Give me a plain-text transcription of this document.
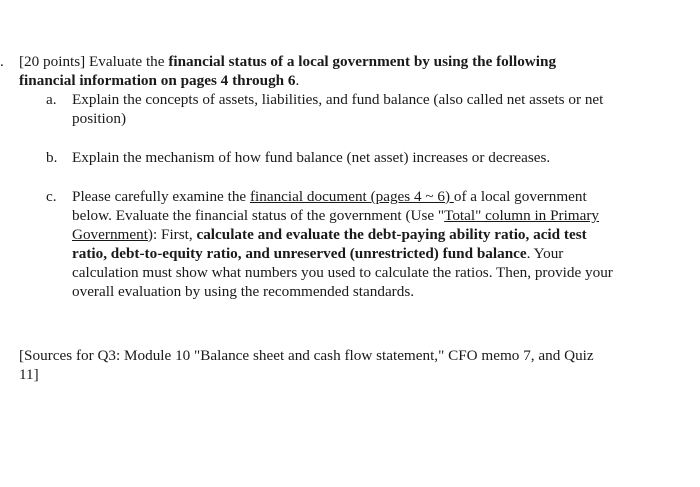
. [20 points] Evaluate the financial status of a local government by using the following
financial information on pages 4 through 6.
a.	Explain the concepts of assets, liabilities, and fund balance (also called net assets or net
position)
b. Explain the mechanism of how fund balance (net asset) increases or decreases.
c.	Please carefully examine the financial document (pages 4 ~ 6) of a local government
below. Evaluate the financial status of the government (Use "Total" column in Primary
Government): First, calculate and evaluate the debt-paying ability ratio, acid test
ratio, debt-to-equity ratio, and unreserved (unrestricted) fund balance. Your
calculation must show what numbers you used to calculate the ratios. Then, provide your
overall evaluation by using the recommended standards.
[Sources for Q3: Module 10 "Balance sheet and cash flow statement," CFO memo 7, and Quiz
11]
